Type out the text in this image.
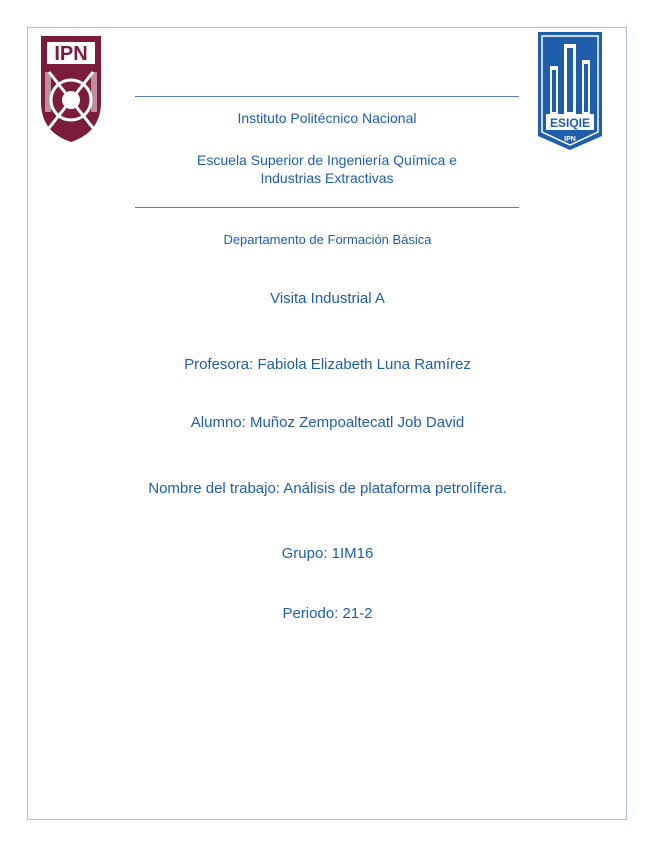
IPN
ESIQIE
IPN
Instituto Politécnico Nacional
Escuela Superior de Ingeniería Química e
Industrias Extractivas
Departamento de Formación Básica
Visita Industrial A
Profesora: Fabiola Elizabeth Luna Ramírez
Alumno: Muñoz Zempoaltecatl Job David
Nombre del trabajo: Análisis de plataforma petrolífera.
Grupo: 1IM16
Periodo: 21-2
